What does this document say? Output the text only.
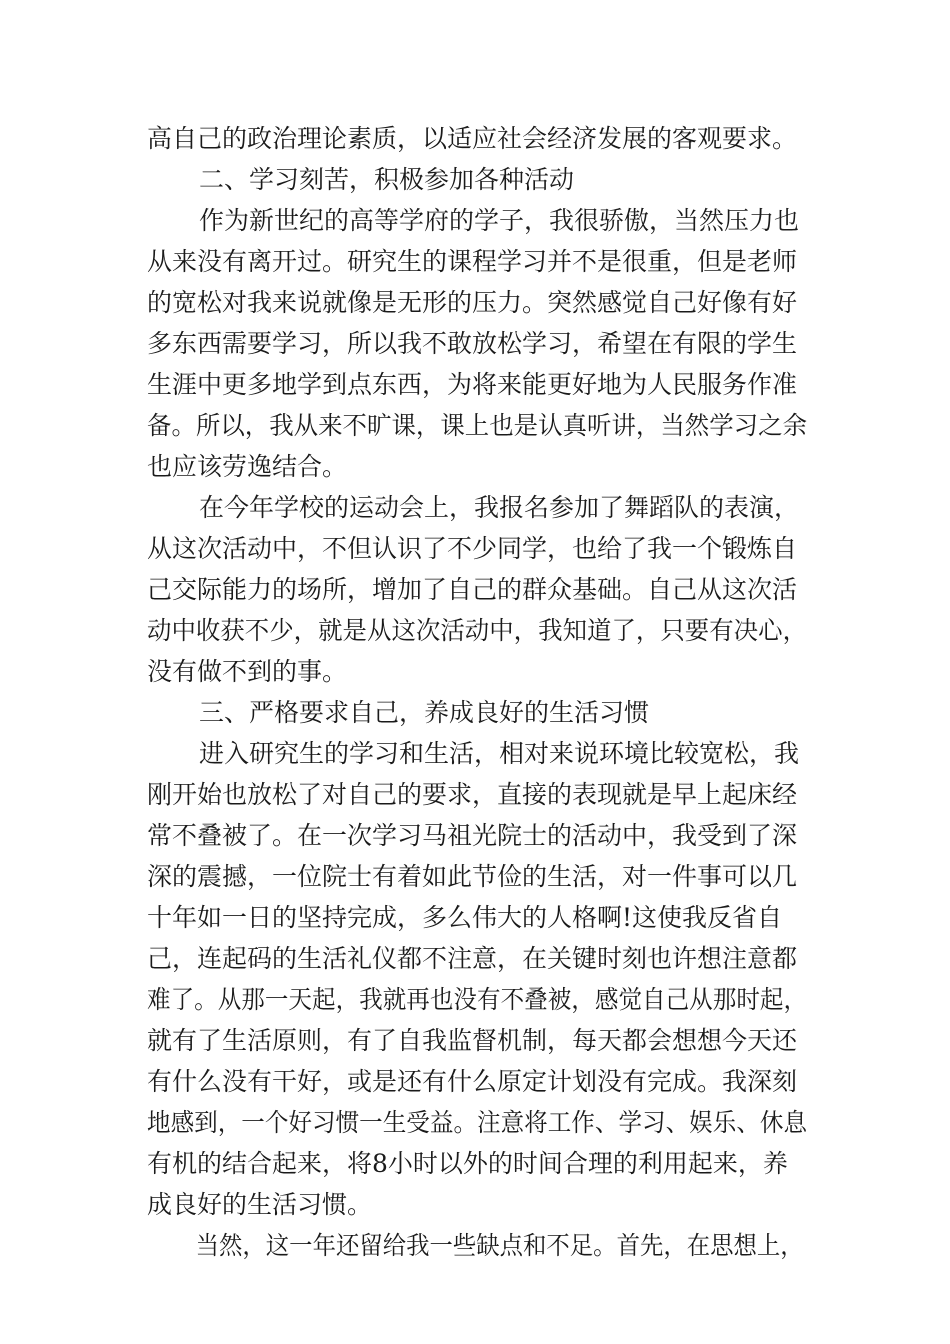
高自己的政治理论素质，以适应社会经济发展的客观要求。
二、学习刻苦，积极参加各种活动
作为新世纪的高等学府的学子，我很骄傲，当然压力也
从来没有离开过。研究生的课程学习并不是很重，但是老师
的宽松对我来说就像是无形的压力。突然感觉自己好像有好
多东西需要学习，所以我不敢放松学习，希望在有限的学生
生涯中更多地学到点东西，为将来能更好地为人民服务作准
备。所以，我从来不旷课，课上也是认真听讲，当然学习之余
也应该劳逸结合。
在今年学校的运动会上，我报名参加了舞蹈队的表演，
从这次活动中，不但认识了不少同学，也给了我一个锻炼自
己交际能力的场所，增加了自己的群众基础。自己从这次活
动中收获不少，就是从这次活动中，我知道了，只要有决心，
没有做不到的事。
三、严格要求自己，养成良好的生活习惯
进入研究生的学习和生活，相对来说环境比较宽松，我
刚开始也放松了对自己的要求，直接的表现就是早上起床经
常不叠被了。在一次学习马祖光院士的活动中，我受到了深
深的震撼，一位院士有着如此节俭的生活，对一件事可以几
十年如一日的坚持完成，多么伟大的人格啊!这使我反省自
己，连起码的生活礼仪都不注意，在关键时刻也许想注意都
难了。从那一天起，我就再也没有不叠被，感觉自己从那时起，
就有了生活原则，有了自我监督机制，每天都会想想今天还
有什么没有干好，或是还有什么原定计划没有完成。我深刻
地感到，一个好习惯一生受益。注意将工作、学习、娱乐、休息
有机的结合起来，将8小时以外的时间合理的利用起来，养
成良好的生活习惯。
当然，这一年还留给我一些缺点和不足。首先，在思想上，
